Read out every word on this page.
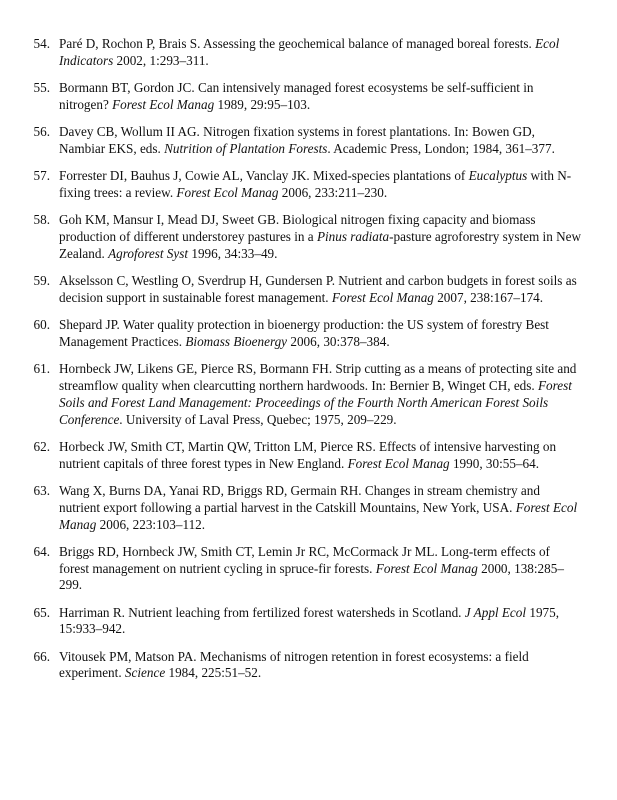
54. Paré D, Rochon P, Brais S. Assessing the geochemical balance of managed boreal forests. Ecol Indicators 2002, 1:293–311.
55. Bormann BT, Gordon JC. Can intensively managed forest ecosystems be self-sufficient in nitrogen? Forest Ecol Manag 1989, 29:95–103.
56. Davey CB, Wollum II AG. Nitrogen fixation systems in forest plantations. In: Bowen GD, Nambiar EKS, eds. Nutrition of Plantation Forests. Academic Press, London; 1984, 361–377.
57. Forrester DI, Bauhus J, Cowie AL, Vanclay JK. Mixed-species plantations of Eucalyptus with N-fixing trees: a review. Forest Ecol Manag 2006, 233:211–230.
58. Goh KM, Mansur I, Mead DJ, Sweet GB. Biological nitrogen fixing capacity and biomass production of different understorey pastures in a Pinus radiata-pasture agroforestry system in New Zealand. Agroforest Syst 1996, 34:33–49.
59. Akselsson C, Westling O, Sverdrup H, Gundersen P. Nutrient and carbon budgets in forest soils as decision support in sustainable forest management. Forest Ecol Manag 2007, 238:167–174.
60. Shepard JP. Water quality protection in bioenergy production: the US system of forestry Best Management Practices. Biomass Bioenergy 2006, 30:378–384.
61. Hornbeck JW, Likens GE, Pierce RS, Bormann FH. Strip cutting as a means of protecting site and streamflow quality when clearcutting northern hardwoods. In: Bernier B, Winget CH, eds. Forest Soils and Forest Land Management: Proceedings of the Fourth North American Forest Soils Conference. University of Laval Press, Quebec; 1975, 209–229.
62. Horbeck JW, Smith CT, Martin QW, Tritton LM, Pierce RS. Effects of intensive harvesting on nutrient capitals of three forest types in New England. Forest Ecol Manag 1990, 30:55–64.
63. Wang X, Burns DA, Yanai RD, Briggs RD, Germain RH. Changes in stream chemistry and nutrient export following a partial harvest in the Catskill Mountains, New York, USA. Forest Ecol Manag 2006, 223:103–112.
64. Briggs RD, Hornbeck JW, Smith CT, Lemin Jr RC, McCormack Jr ML. Long-term effects of forest management on nutrient cycling in spruce-fir forests. Forest Ecol Manag 2000, 138:285–299.
65. Harriman R. Nutrient leaching from fertilized forest watersheds in Scotland. J Appl Ecol 1975, 15:933–942.
66. Vitousek PM, Matson PA. Mechanisms of nitrogen retention in forest ecosystems: a field experiment. Science 1984, 225:51–52.
